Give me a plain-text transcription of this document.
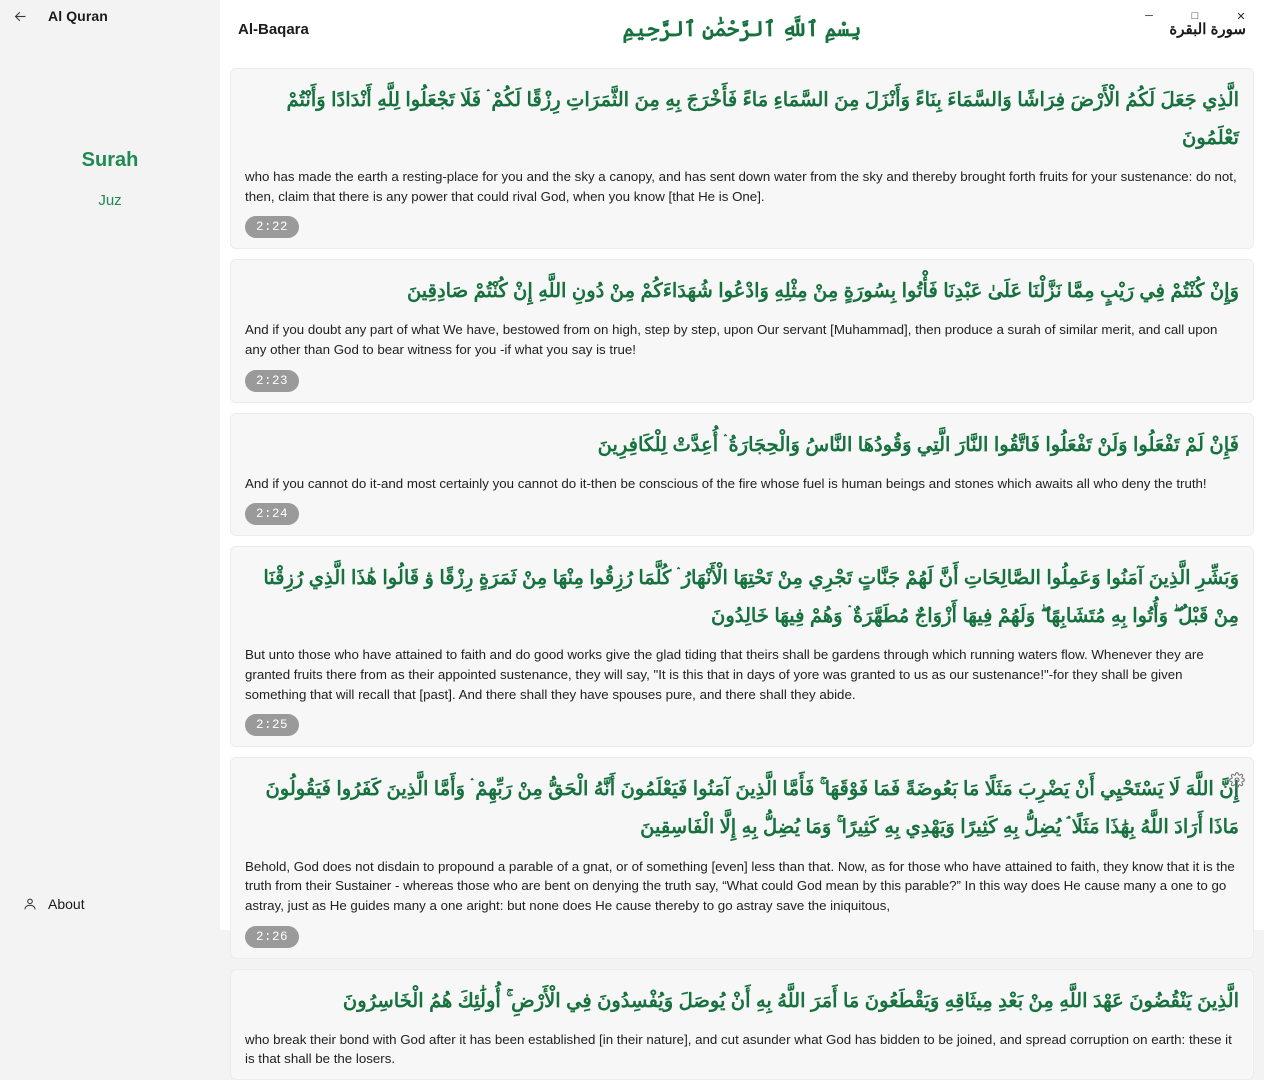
Al Quran	─	□	✕
Surah
Juz
About
Al-Baqara	بِسْمِ ٱللَّهِ ٱلرَّحْمَٰنِ ٱلرَّحِيمِ	سورة البقرة
الَّذِي جَعَلَ لَكُمُ الْأَرْضَ فِرَاشًا وَالسَّمَاءَ بِنَاءً وَأَنْزَلَ مِنَ السَّمَاءِ مَاءً فَأَخْرَجَ بِهِ مِنَ الثَّمَرَاتِ رِزْقًا لَكُمْ ۛ فَلَا تَجْعَلُوا لِلَّهِ أَنْدَادًا وَأَنْتُمْ تَعْلَمُونَ
who has made the earth a resting-place for you and the sky a canopy, and has sent down water from the sky and thereby brought forth fruits for your sustenance: do not, then, claim that there is any power that could rival God, when you know [that He is One].
2:22
وَإِنْ كُنْتُمْ فِي رَيْبٍ مِمَّا نَزَّلْنَا عَلَىٰ عَبْدِنَا فَأْتُوا بِسُورَةٍ مِنْ مِثْلِهِ وَادْعُوا شُهَدَاءَكُمْ مِنْ دُونِ اللَّهِ إِنْ كُنْتُمْ صَادِقِينَ
And if you doubt any part of what We have, bestowed from on high, step by step, upon Our servant [Muhammad], then produce a surah of similar merit, and call upon any other than God to bear witness for you -if what you say is true!
2:23
فَإِنْ لَمْ تَفْعَلُوا وَلَنْ تَفْعَلُوا فَاتَّقُوا النَّارَ الَّتِي وَقُودُهَا النَّاسُ وَالْحِجَارَةُ ۛ أُعِدَّتْ لِلْكَافِرِينَ
And if you cannot do it-and most certainly you cannot do it-then be conscious of the fire whose fuel is human beings and stones which awaits all who deny the truth!
2:24
وَبَشِّرِ الَّذِينَ آمَنُوا وَعَمِلُوا الصَّالِحَاتِ أَنَّ لَهُمْ جَنَّاتٍ تَجْرِي مِنْ تَحْتِهَا الْأَنْهَارُ ۛ كُلَّمَا رُزِقُوا مِنْهَا مِنْ ثَمَرَةٍ رِزْقًا ۋ قَالُوا هَٰذَا الَّذِي رُزِقْنَا مِنْ قَبْلُ ۖ وَأُتُوا بِهِ مُتَشَابِهًا ۖ وَلَهُمْ فِيهَا أَزْوَاجٌ مُطَهَّرَةٌ ۛ وَهُمْ فِيهَا خَالِدُونَ
But unto those who have attained to faith and do good works give the glad tiding that theirs shall be gardens through which running waters flow. Whenever they are granted fruits there from as their appointed sustenance, they will say, "It is this that in days of yore was granted to us as our sustenance!"-for they shall be given something that will recall that [past]. And there shall they have spouses pure, and there shall they abide.
2:25
إِنَّ اللَّهَ لَا يَسْتَحْيِي أَنْ يَضْرِبَ مَثَلًا مَا بَعُوضَةً فَمَا فَوْقَهَا ۚ فَأَمَّا الَّذِينَ آمَنُوا فَيَعْلَمُونَ أَنَّهُ الْحَقُّ مِنْ رَبِّهِمْ ۛ وَأَمَّا الَّذِينَ كَفَرُوا فَيَقُولُونَ مَاذَا أَرَادَ اللَّهُ بِهَٰذَا مَثَلًا ۘ يُضِلُّ بِهِ كَثِيرًا وَيَهْدِي بِهِ كَثِيرًا ۚ وَمَا يُضِلُّ بِهِ إِلَّا الْفَاسِقِينَ
Behold, God does not disdain to propound a parable of a gnat, or of something [even] less than that. Now, as for those who have attained to faith, they know that it is the truth from their Sustainer - whereas those who are bent on denying the truth say, “What could God mean by this parable?” In this way does He cause many a one to go astray, just as He guides many a one aright: but none does He cause thereby to go astray save the iniquitous,
2:26
الَّذِينَ يَنْقُضُونَ عَهْدَ اللَّهِ مِنْ بَعْدِ مِيثَاقِهِ وَيَقْطَعُونَ مَا أَمَرَ اللَّهُ بِهِ أَنْ يُوصَلَ وَيُفْسِدُونَ فِي الْأَرْضِ ۚ أُولَٰئِكَ هُمُ الْخَاسِرُونَ
who break their bond with God after it has been established [in their nature], and cut asunder what God has bidden to be joined, and spread corruption on earth: these it is that shall be the losers.
